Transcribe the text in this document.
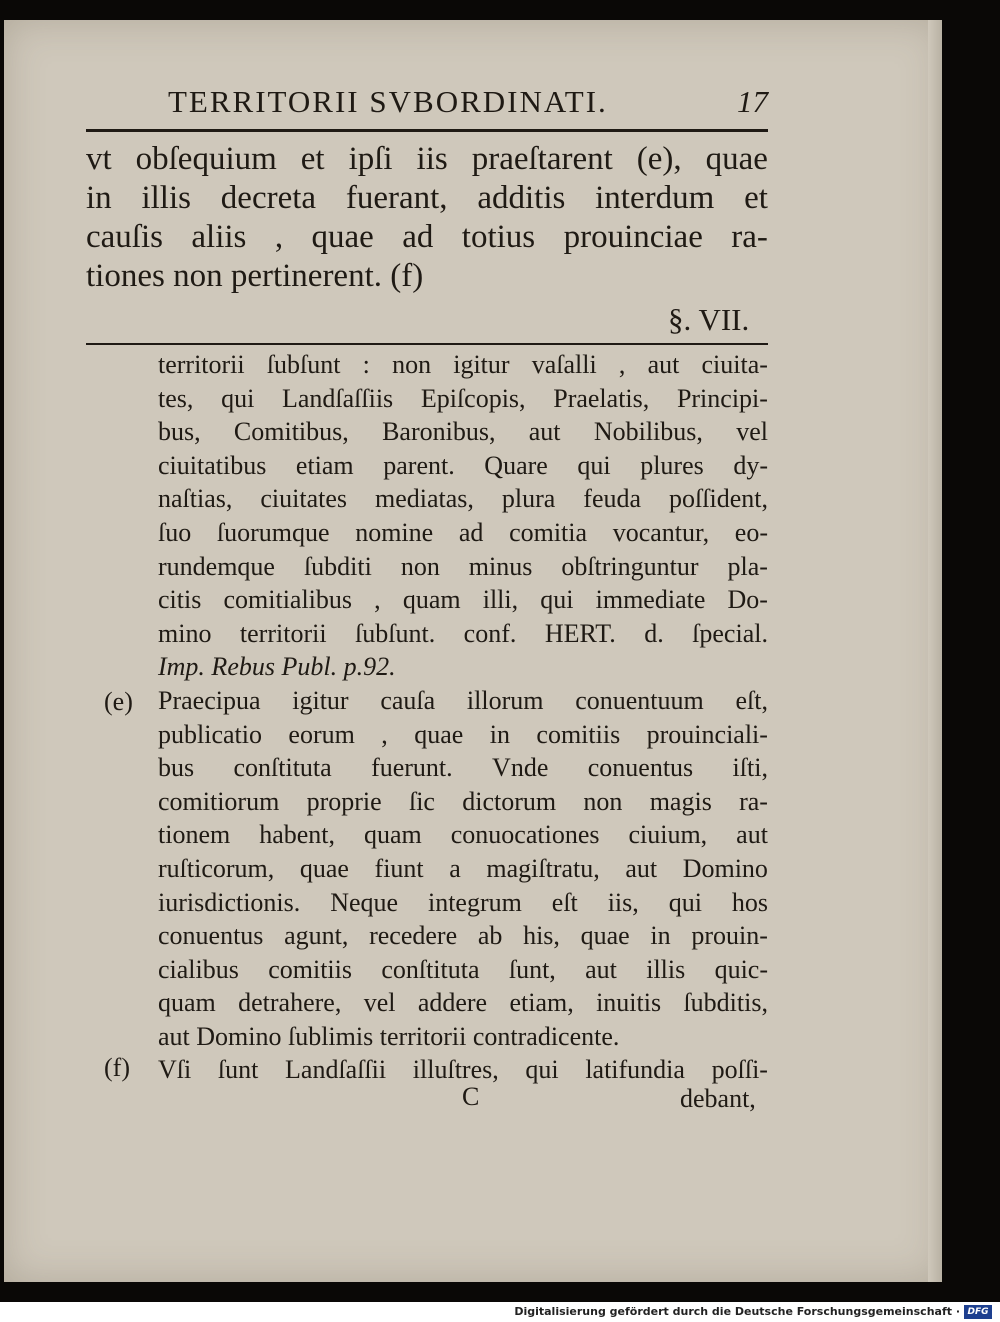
TERRITORII SVBORDINATI.	17
vt obſequium et ipſi iis praeſtarent (e), quae
in illis decreta fuerant, additis interdum et
cauſis aliis , quae ad totius prouinciae ra-
tiones non pertinerent. (f)
§. VII.
territorii ſubſunt : non igitur vaſalli , aut ciuita-
tes, qui Landſaſſiis Epiſcopis, Praelatis, Principi-
bus, Comitibus, Baronibus, aut Nobilibus, vel
ciuitatibus etiam parent. Quare qui plures dy-
naſtias, ciuitates mediatas, plura feuda poſſident,
ſuo ſuorumque nomine ad comitia vocantur, eo-
rundemque ſubditi non minus obſtringuntur pla-
citis comitialibus , quam illi, qui immediate Do-
mino territorii ſubſunt. conf. HERT. d. ſpecial.
Imp. Rebus Publ. p.92.
Praecipua igitur cauſa illorum conuentuum eſt,
publicatio eorum , quae in comitiis prouinciali-
bus conſtituta fuerunt. Vnde conuentus iſti,
comitiorum proprie ſic dictorum non magis ra-
tionem habent, quam conuocationes ciuium, aut
ruſticorum, quae fiunt a magiſtratu, aut Domino
iurisdictionis. Neque integrum eſt iis, qui hos
conuentus agunt, recedere ab his, quae in prouin-
cialibus comitiis conſtituta ſunt, aut illis quic-
quam detrahere, vel addere etiam, inuitis ſubditis,
aut Domino ſublimis territorii contradicente.
Vſi ſunt Landſaſſii illuſtres, qui latifundia poſſi-
(e)
(f)
C	debant,
Digitalisierung gefördert durch die Deutsche Forschungsgemeinschaft · DFG
